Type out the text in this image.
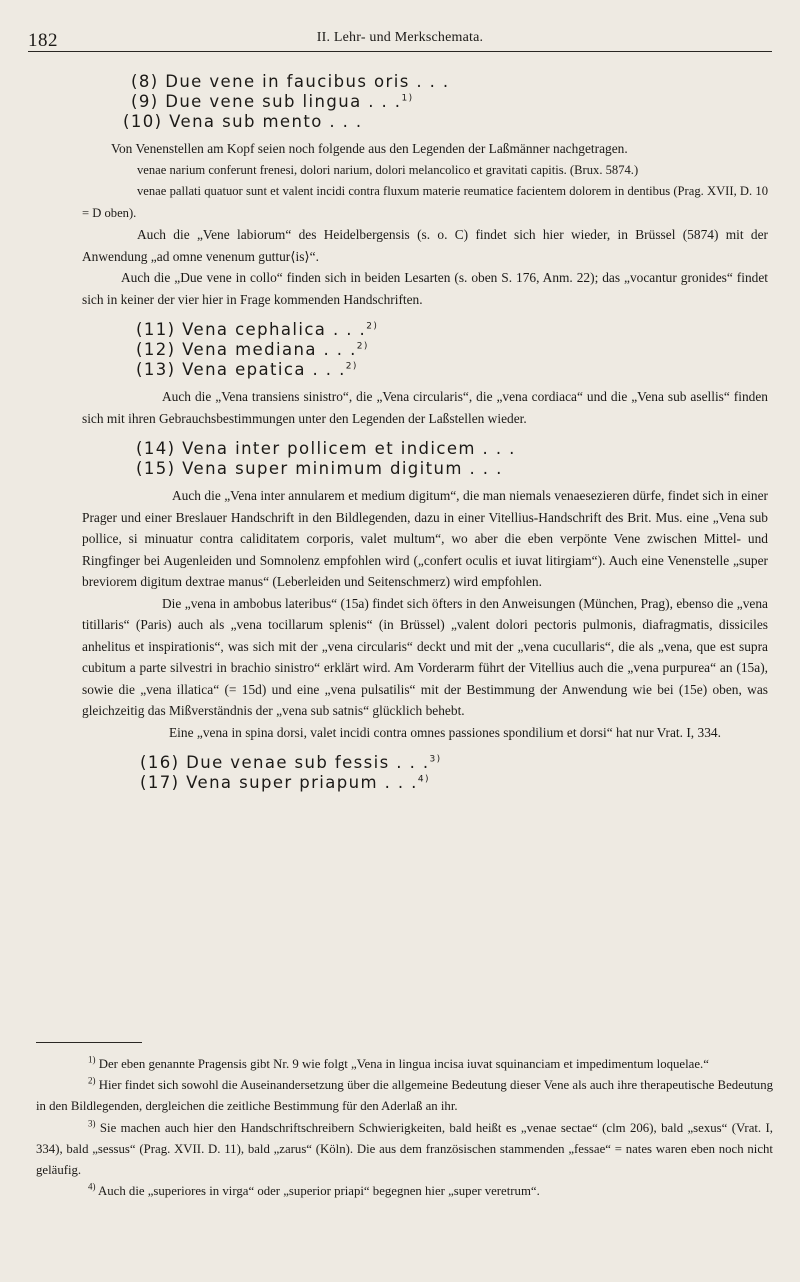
182	II. Lehr- und Merkschemata.
(8) Due vene in faucibus oris . . .
(9) Due vene sub lingua . . .$^{1)}$
(10) Vena sub mento . . .

Von Venenstellen am Kopf seien noch folgende aus den Legenden der Laßmänner nachgetragen.

venae narium conferunt frenesi, dolori narium, dolori melancolico et gravitati capitis. (Brux. 5874.)

venae pallati quatuor sunt et valent incidi contra fluxum materie reumatice facientem dolorem in dentibus (Prag. XVII, D. 10 = D oben).

Auch die „Vene labiorum“ des Heidelbergensis (s. o. C) findet sich hier wieder, in Brüssel (5874) mit der Anwendung „ad omne venenum guttur⟨is⟩“.

Auch die „Due vene in collo“ finden sich in beiden Lesarten (s. oben S. 176, Anm. 22); das „vocantur gronides“ findet sich in keiner der vier hier in Frage kommenden Handschriften.

(11) Vena cephalica . . .$^{2)}$
(12) Vena mediana . . .$^{2)}$
(13) Vena epatica . . .$^{2)}$

Auch die „Vena transiens sinistro“, die „Vena circularis“, die „vena cordiaca“ und die „Vena sub asellis“ finden sich mit ihren Gebrauchsbestimmungen unter den Legenden der Laßstellen wieder.

(14) Vena inter pollicem et indicem . . .
(15) Vena super minimum digitum . . .

Auch die „Vena inter annularem et medium digitum“, die man niemals venaesezieren dürfe, findet sich in einer Prager und einer Breslauer Handschrift in den Bildlegenden, dazu in einer Vitellius-Handschrift des Brit. Mus. eine „Vena sub pollice, si minuatur contra caliditatem corporis, valet multum“, wo aber die eben verpönte Vene zwischen Mittel- und Ringfinger bei Augenleiden und Somnolenz empfohlen wird („confert oculis et iuvat litirgiam“). Auch eine Venenstelle „super breviorem digitum dextrae manus“ (Leberleiden und Seitenschmerz) wird empfohlen.

Die „vena in ambobus lateribus“ (15a) findet sich öfters in den Anweisungen (München, Prag), ebenso die „vena titillaris“ (Paris) auch als „vena tocillarum splenis“ (in Brüssel) „valent dolori pectoris pulmonis, diafragmatis, dissiciles anhelitus et inspirationis“, was sich mit der „vena circularis“ deckt und mit der „vena cucullaris“, die als „vena, que est supra cubitum a parte silvestri in brachio sinistro“ erklärt wird. Am Vorderarm führt der Vitellius auch die „vena purpurea“ an (15a), sowie die „vena illatica“ (= 15d) und eine „vena pulsatilis“ mit der Bestimmung der Anwendung wie bei (15e) oben, was gleichzeitig das Mißverständnis der „vena sub satnis“ glücklich behebt.

Eine „vena in spina dorsi, valet incidi contra omnes passiones spondilium et dorsi“ hat nur Vrat. I, 334.

(16) Due venae sub fessis . . .$^{3)}$
(17) Vena super priapum . . .$^{4)}$

$^{1)}$ Der eben genannte Pragensis gibt Nr. 9 wie folgt „Vena in lingua incisa iuvat squinanciam et impedimentum loquelae.“

$^{2)}$ Hier findet sich sowohl die Auseinandersetzung über die allgemeine Bedeutung dieser Vene als auch ihre therapeutische Bedeutung in den Bildlegenden, dergleichen die zeitliche Bestimmung für den Aderlaß an ihr.

$^{3)}$ Sie machen auch hier den Handschriftschreibern Schwierigkeiten, bald heißt es „venae sectae“ (clm 206), bald „sexus“ (Vrat. I, 334), bald „sessus“ (Prag. XVII. D. 11), bald „zarus“ (Köln). Die aus dem französischen stammenden „fessae“ = nates waren eben noch nicht geläufig.

$^{4)}$ Auch die „superiores in virga“ oder „superior priapi“ begegnen hier „super veretrum“.
